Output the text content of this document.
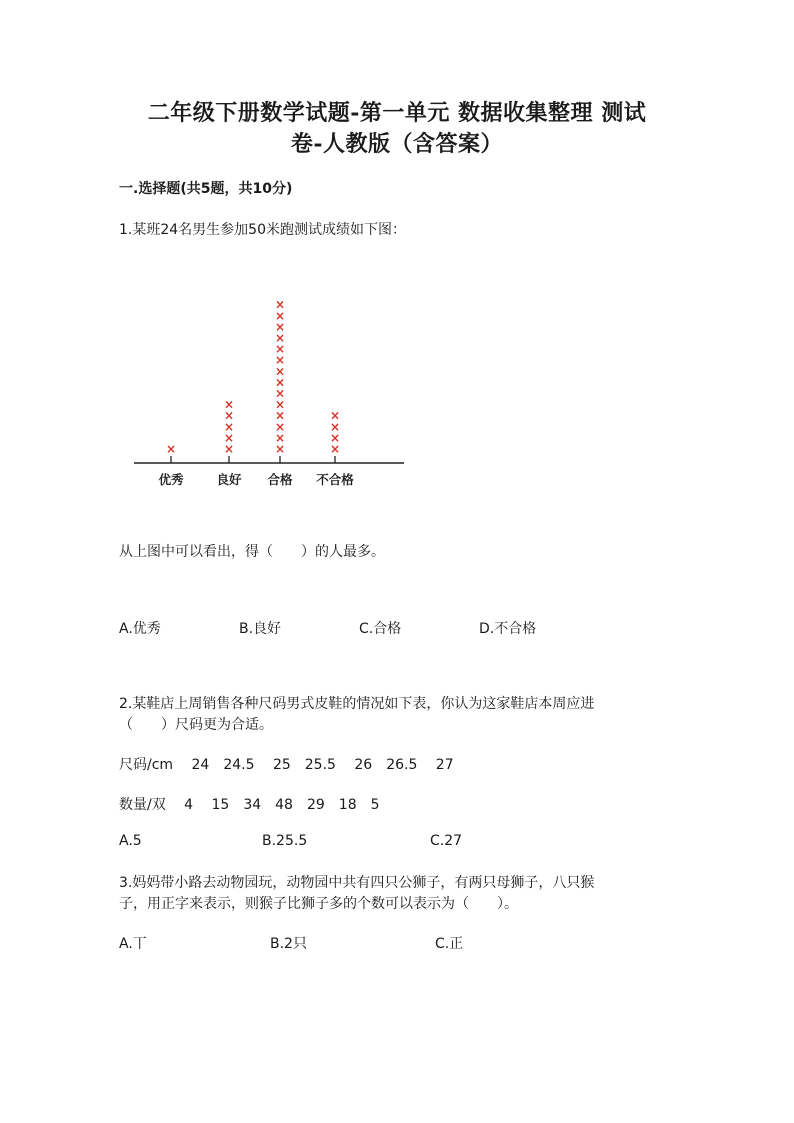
二年级下册数学试题-第一单元 数据收集整理 测试
卷-人教版（含答案）
一.选择题(共5题，共10分)
1.某班24名男生参加50米跑测试成绩如下图：
优秀
×
良好
×
×
×
×
×
合格
×
×
×
×
×
×
×
×
×
×
×
×
×
×
不合格
×
×
×
×
从上图中可以看出，得（　　）的人最多。
A.优秀	B.良好	C.合格	D.不合格
2.某鞋店上周销售各种尺码男式皮鞋的情况如下表，你认为这家鞋店本周应进
（　　）尺码更为合适。
尺码/cm　 24　24.5　 25　25.5　 26　26.5　 27
数量/双　 4　 15　34　48　29　18　5
A.5	B.25.5	C.27
3.妈妈带小路去动物园玩，动物园中共有四只公狮子，有两只母狮子，八只猴
子，用正字来表示，则猴子比狮子多的个数可以表示为（　　）。
A.丅	B.2只	C.正
